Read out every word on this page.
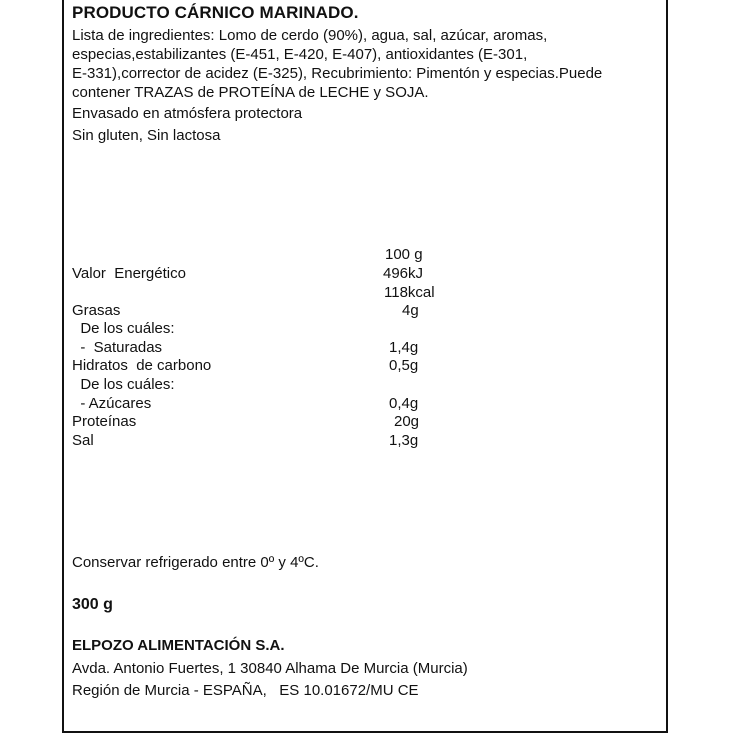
PRODUCTO CÁRNICO MARINADO.
Lista de ingredientes: Lomo de cerdo (90%), agua, sal, azúcar, aromas,
especias,estabilizantes (E-451, E-420, E-407), antioxidantes (E-301,
E-331),corrector de acidez (E-325), Recubrimiento: Pimentón y especias.Puede
contener TRAZAS de PROTEÍNA de LECHE y SOJA.
Envasado en atmósfera protectora
Sin gluten, Sin lactosa
100 g
Valor  Energético	496kJ
118kcal
Grasas	4g
De los cuáles:
-  Saturadas	1,4g
Hidratos  de carbono	0,5g
De los cuáles:
- Azúcares	0,4g
Proteínas	20g
Sal	1,3g
Conservar refrigerado entre 0º y 4ºC.
300 g
ELPOZO ALIMENTACIÓN S.A.
Avda. Antonio Fuertes, 1 30840 Alhama De Murcia (Murcia)
Región de Murcia - ESPAÑA,   ES 10.01672/MU CE
